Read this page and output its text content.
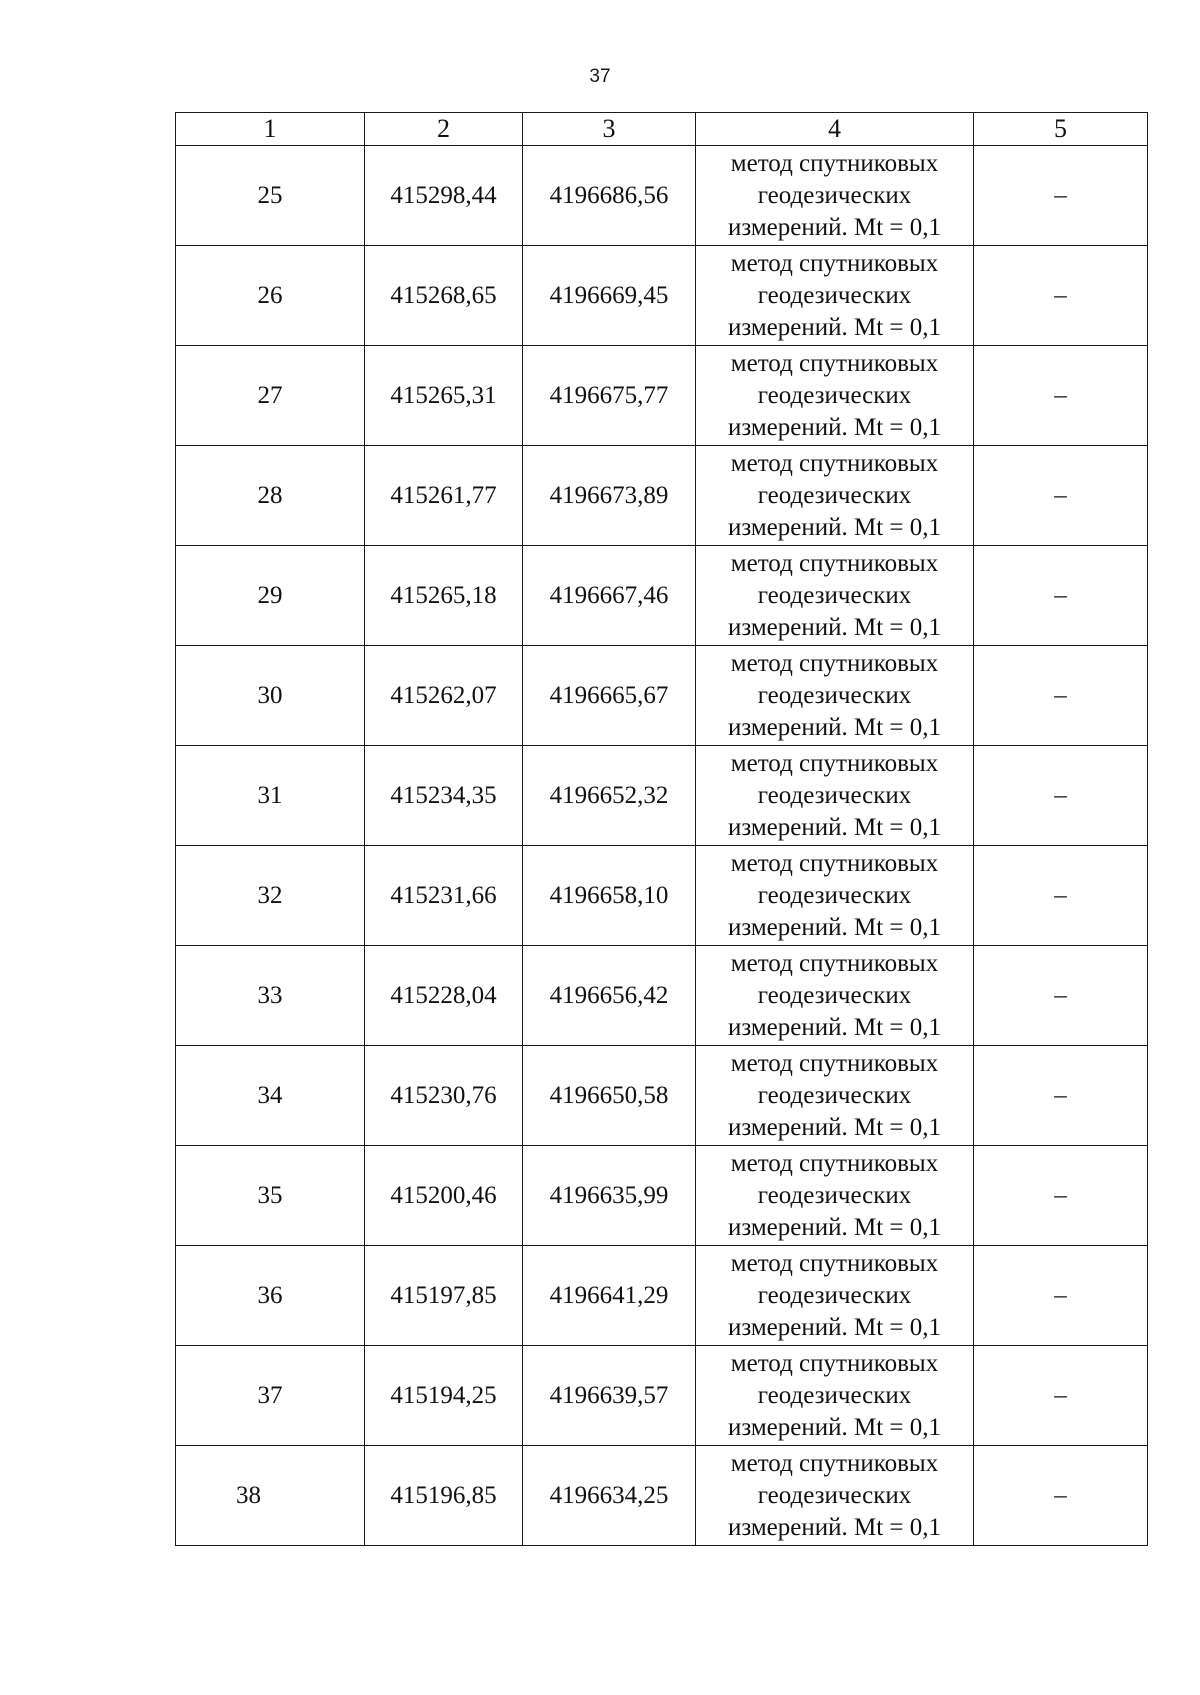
37
1	2	3	4	5
25	415298,44	4196686,56	метод спутниковых
геодезических
измерений. Mt = 0,1	–
26	415268,65	4196669,45	метод спутниковых
геодезических
измерений. Mt = 0,1	–
27	415265,31	4196675,77	метод спутниковых
геодезических
измерений. Mt = 0,1	–
28	415261,77	4196673,89	метод спутниковых
геодезических
измерений. Mt = 0,1	–
29	415265,18	4196667,46	метод спутниковых
геодезических
измерений. Mt = 0,1	–
30	415262,07	4196665,67	метод спутниковых
геодезических
измерений. Mt = 0,1	–
31	415234,35	4196652,32	метод спутниковых
геодезических
измерений. Mt = 0,1	–
32	415231,66	4196658,10	метод спутниковых
геодезических
измерений. Mt = 0,1	–
33	415228,04	4196656,42	метод спутниковых
геодезических
измерений. Mt = 0,1	–
34	415230,76	4196650,58	метод спутниковых
геодезических
измерений. Mt = 0,1	–
35	415200,46	4196635,99	метод спутниковых
геодезических
измерений. Mt = 0,1	–
36	415197,85	4196641,29	метод спутниковых
геодезических
измерений. Mt = 0,1	–
37	415194,25	4196639,57	метод спутниковых
геодезических
измерений. Mt = 0,1	–
38	415196,85	4196634,25	метод спутниковых
геодезических
измерений. Mt = 0,1	–
